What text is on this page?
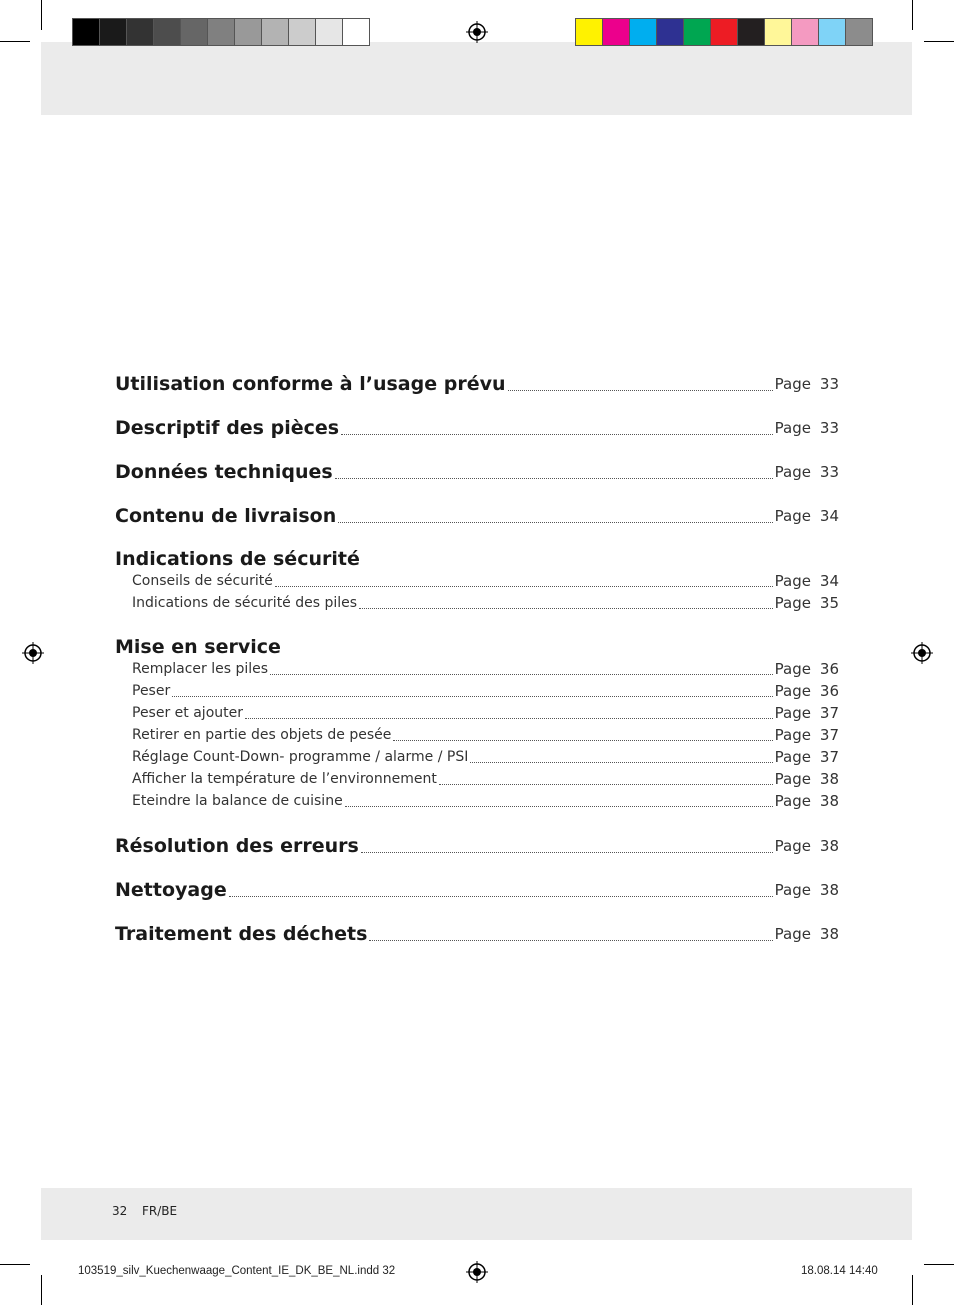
Utilisation conforme à l’usage prévu	Page 33
Descriptif des pièces	Page 33
Données techniques	Page 33
Contenu de livraison	Page 34
Indications de sécurité
Conseils de sécurité	Page 34
Indications de sécurité des piles	Page 35
Mise en service
Remplacer les piles	Page 36
Peser	Page 36
Peser et ajouter	Page 37
Retirer en partie des objets de pesée	Page 37
Réglage Count-Down- programme / alarme / PSI	Page 37
Afficher la température de l’environnement	Page 38
Eteindre la balance de cuisine	Page 38
Résolution des erreurs	Page 38
Nettoyage	Page 38
Traitement des déchets	Page 38
32 FR/BE
103519_silv_Kuechenwaage_Content_IE_DK_BE_NL.indd 32	18.08.14 14:40
